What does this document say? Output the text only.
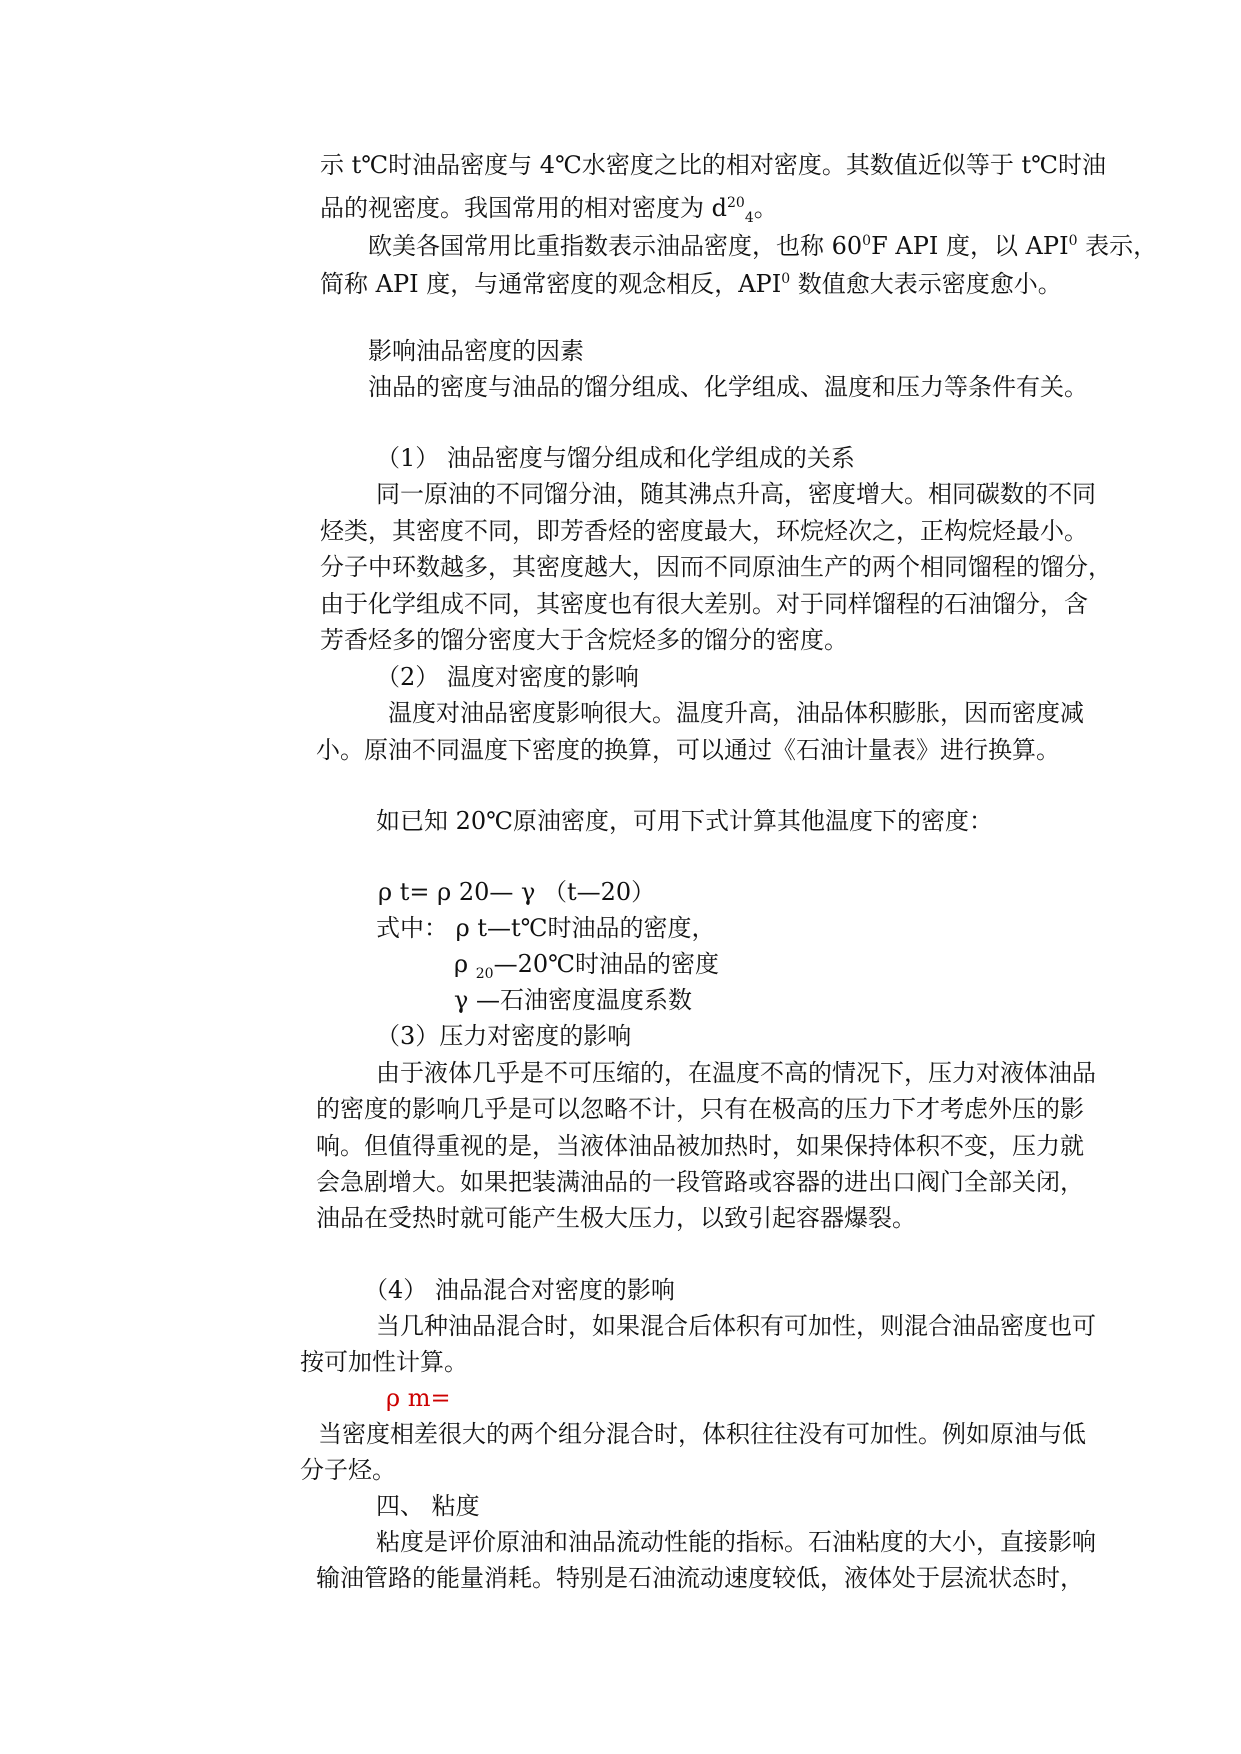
示 t℃时油品密度与 4℃水密度之比的相对密度。其数值近似等于 t℃时油
品的视密度。我国常用的相对密度为 $d^{20}_4$。
欧美各国常用比重指数表示油品密度，也称 $60^0F$ API 度，以 API$^0$ 表示，
简称 API 度，与通常密度的观念相反，API$^0$ 数值愈大表示密度愈小。
影响油品密度的因素
油品的密度与油品的馏分组成、化学组成、温度和压力等条件有关。
（1） 油品密度与馏分组成和化学组成的关系
同一原油的不同馏分油，随其沸点升高，密度增大。相同碳数的不同
烃类，其密度不同，即芳香烃的密度最大，环烷烃次之，正构烷烃最小。
分子中环数越多，其密度越大，因而不同原油生产的两个相同馏程的馏分，
由于化学组成不同，其密度也有很大差别。对于同样馏程的石油馏分，含
芳香烃多的馏分密度大于含烷烃多的馏分的密度。
（2） 温度对密度的影响
温度对油品密度影响很大。温度升高，油品体积膨胀，因而密度减
小。原油不同温度下密度的换算，可以通过《石油计量表》进行换算。
如已知 20℃原油密度，可用下式计算其他温度下的密度：
ρ t= ρ 20— γ （t—20）
式中： ρ t—t℃时油品的密度，
ρ $_{20}$—20℃时油品的密度
γ —石油密度温度系数
（3）压力对密度的影响
由于液体几乎是不可压缩的，在温度不高的情况下，压力对液体油品
的密度的影响几乎是可以忽略不计，只有在极高的压力下才考虑外压的影
响。但值得重视的是，当液体油品被加热时，如果保持体积不变，压力就
会急剧增大。如果把装满油品的一段管路或容器的进出口阀门全部关闭，
油品在受热时就可能产生极大压力，以致引起容器爆裂。
（4） 油品混合对密度的影响
当几种油品混合时，如果混合后体积有可加性，则混合油品密度也可
按可加性计算。
ρ m=
当密度相差很大的两个组分混合时，体积往往没有可加性。例如原油与低
分子烃。
四、 粘度
粘度是评价原油和油品流动性能的指标。石油粘度的大小，直接影响
输油管路的能量消耗。特别是石油流动速度较低，液体处于层流状态时，
